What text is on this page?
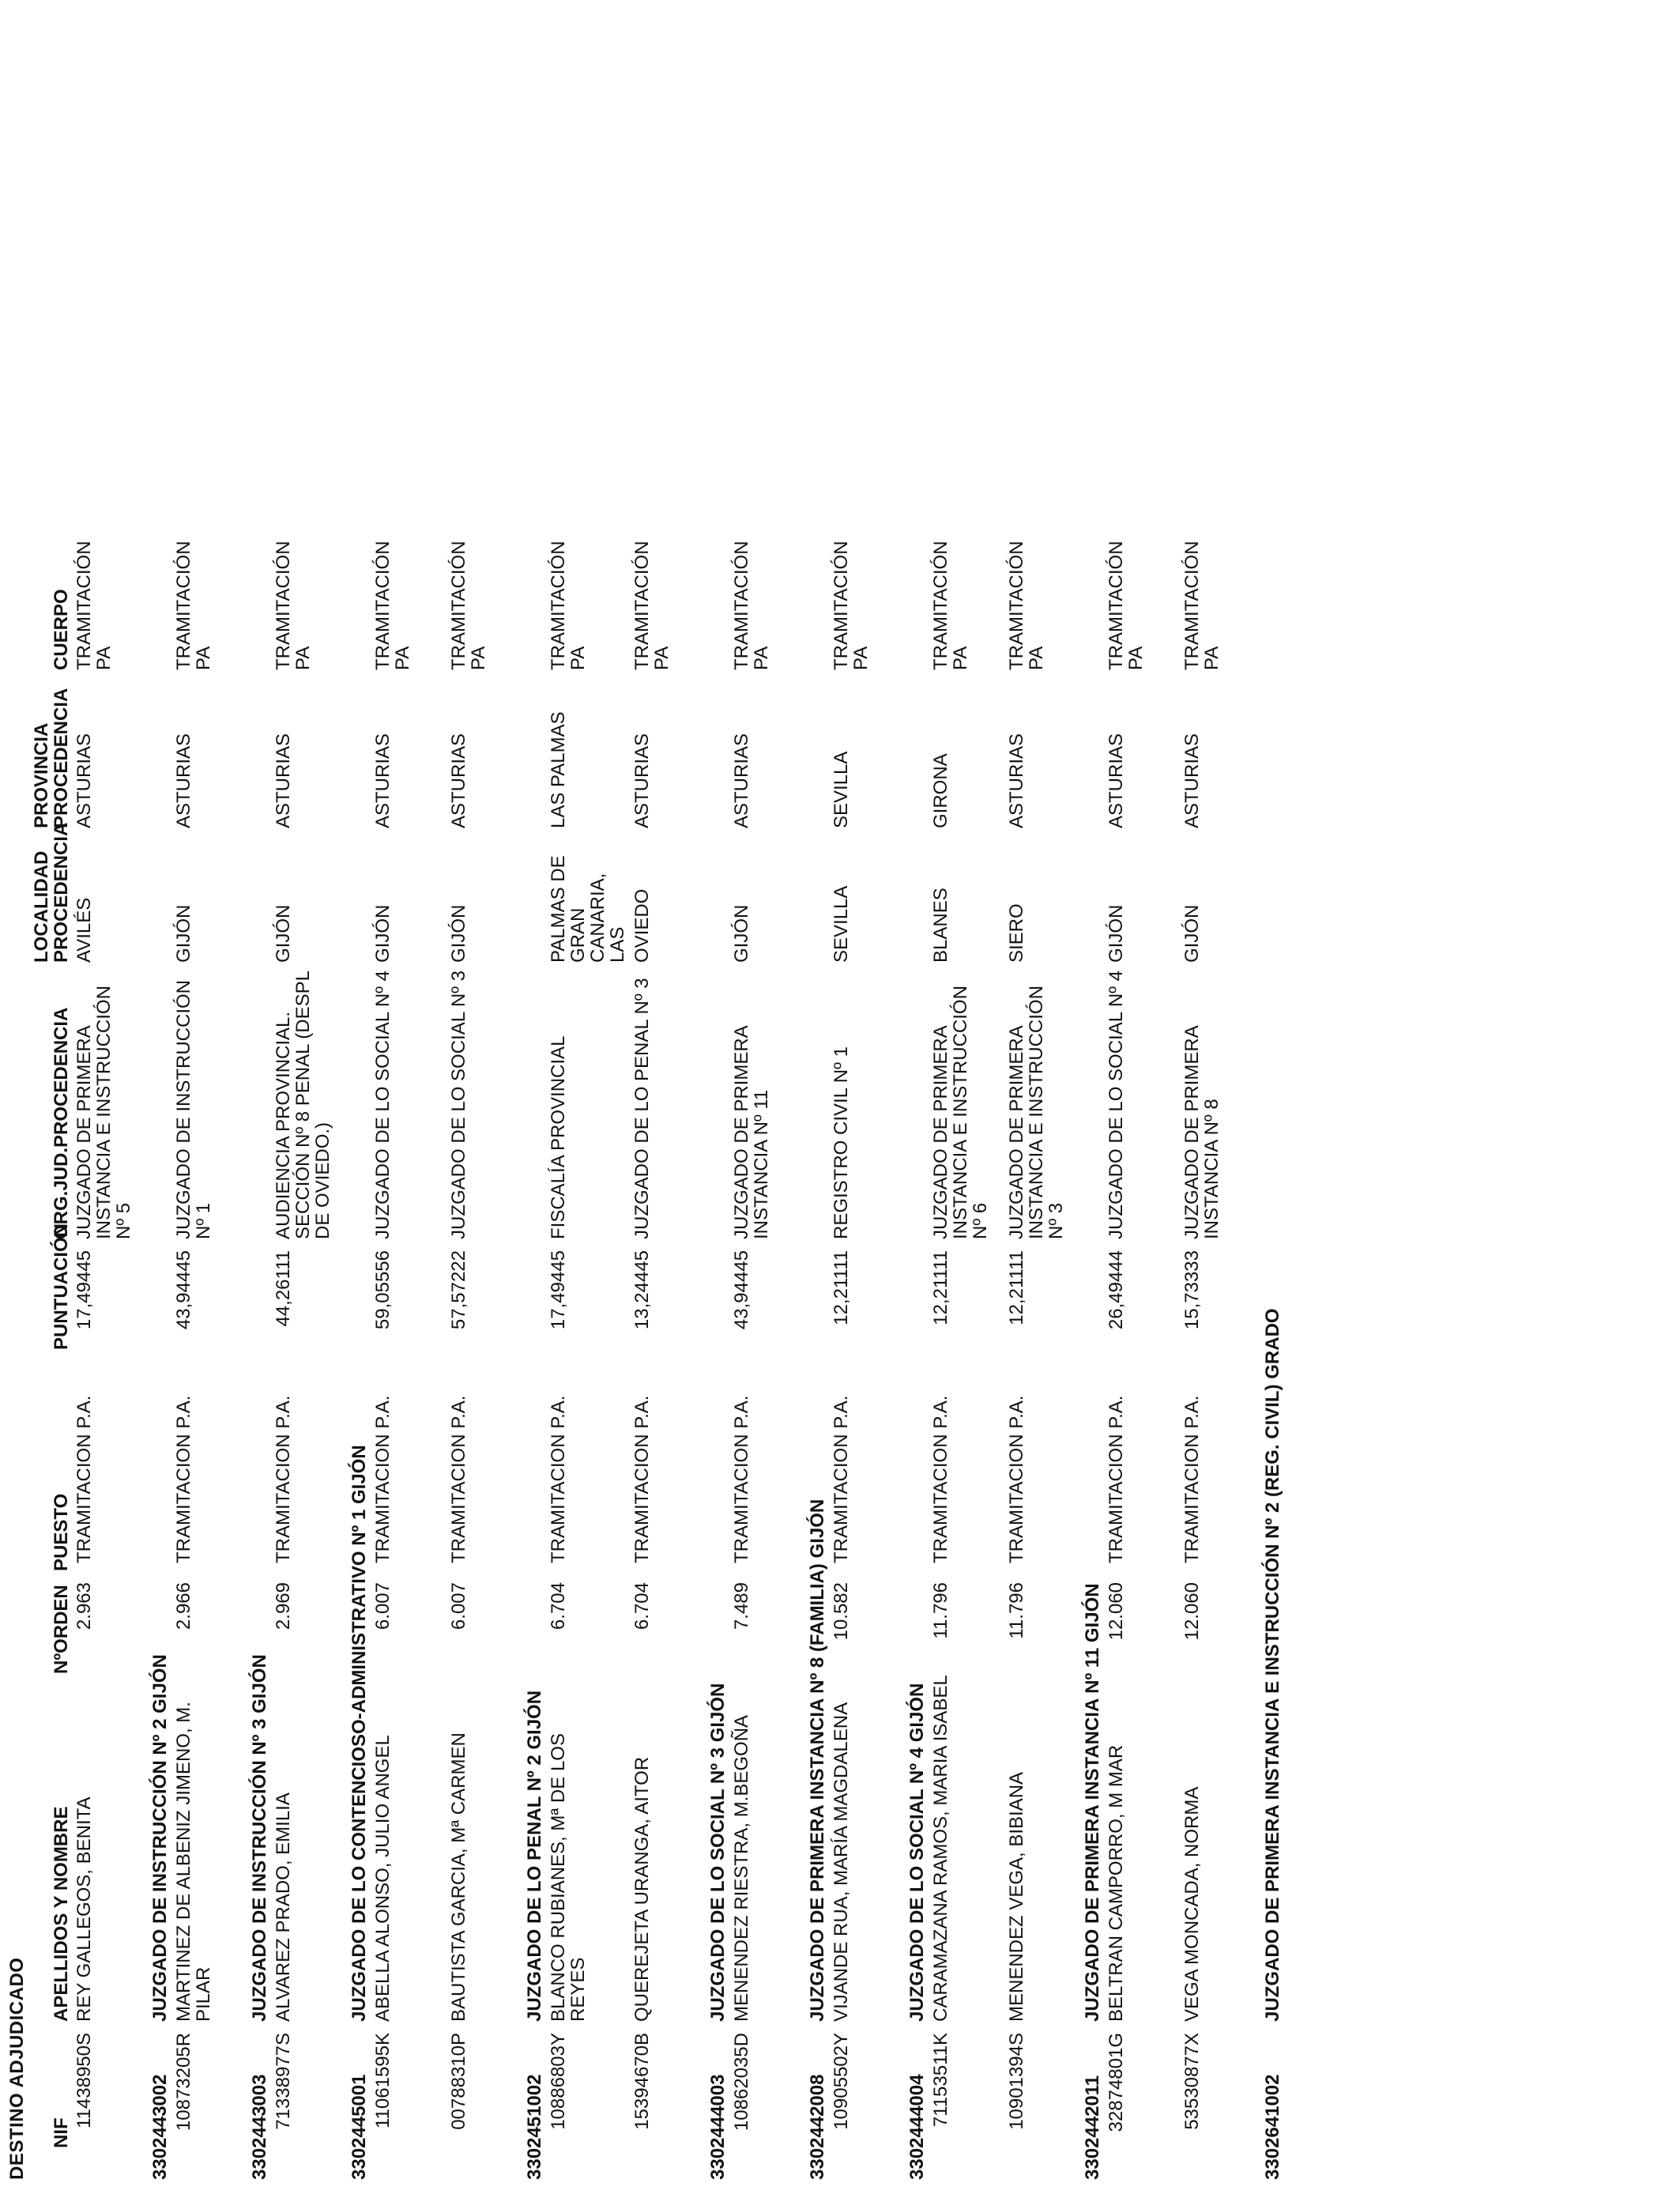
DESTINO ADJUDICADO NIF
APELLIDOS Y NOMBRE
NºORDEN
PUESTO
PUNTUACIÓN
ORG.JUD.PROCEDENCIA
LOCALIDAD PROCEDENCIA
PROVINCIA PROCEDENCIA
CUERPO
11438950S
REY GALLEGOS, BENITA
2.963
TRAMITACION P.A.
17,49445
JUZGADO DE PRIMERA INSTANCIA E INSTRUCCIÓN Nº 5
AVILÉS
ASTURIAS
TRAMITACIÓN PA
3302443002
JUZGADO DE INSTRUCCIÓN Nº 2 GIJÓN
10873205R
MARTINEZ DE ALBENIZ JIMENO, M. PILAR
2.966
TRAMITACION P.A.
43,94445
JUZGADO DE INSTRUCCIÓN Nº 1
GIJÓN
ASTURIAS
TRAMITACIÓN PA
3302443003
JUZGADO DE INSTRUCCIÓN Nº 3 GIJÓN
71338977S
ALVAREZ PRADO, EMILIA
2.969
TRAMITACION P.A.
44,26111
AUDIENCIA PROVINCIAL. SECCIÓN Nº 8 PENAL (DESPL DE OVIEDO.)
GIJÓN
ASTURIAS
TRAMITACIÓN PA
3302445001
JUZGADO DE LO CONTENCIOSO-ADMINISTRATIVO Nº 1 GIJÓN
11061595K
ABELLA ALONSO, JULIO ANGEL
6.007
TRAMITACION P.A.
59,05556
JUZGADO DE LO SOCIAL Nº 4
GIJÓN
ASTURIAS
TRAMITACIÓN PA
00788310P
BAUTISTA GARCIA, Mª CARMEN
6.007
TRAMITACION P.A.
57,57222
JUZGADO DE LO SOCIAL Nº 3
GIJÓN
ASTURIAS
TRAMITACIÓN PA
3302451002
JUZGADO DE LO PENAL Nº 2 GIJÓN
10886803Y
BLANCO RUBIANES, Mª DE LOS REYES
6.704
TRAMITACION P.A.
17,49445
FISCALÍA PROVINCIAL
PALMAS DE GRAN CANARIA, LAS
LAS PALMAS
TRAMITACIÓN PA
15394670B
QUEREJETA URANGA, AITOR
6.704
TRAMITACION P.A.
13,24445
JUZGADO DE LO PENAL Nº 3
OVIEDO
ASTURIAS
TRAMITACIÓN PA
3302444003
JUZGADO DE LO SOCIAL Nº 3 GIJÓN
10862035D
MENENDEZ RIESTRA, M.BEGOÑA
7.489
TRAMITACION P.A.
43,94445
JUZGADO DE PRIMERA INSTANCIA Nº 11
GIJÓN
ASTURIAS
TRAMITACIÓN PA
3302442008
JUZGADO DE PRIMERA INSTANCIA Nº 8 (FAMILIA) GIJÓN
10905502Y
VIJANDE RUA, MARÍA MAGDALENA
10.582
TRAMITACION P.A.
12,21111
REGISTRO CIVIL Nº 1
SEVILLA
SEVILLA
TRAMITACIÓN PA
3302444004
JUZGADO DE LO SOCIAL Nº 4 GIJÓN
71153511K
CARAMAZANA RAMOS, MARIA ISABEL
11.796
TRAMITACION P.A.
12,21111
JUZGADO DE PRIMERA INSTANCIA E INSTRUCCIÓN Nº 6
BLANES
GIRONA
TRAMITACIÓN PA
10901394S
MENENDEZ VEGA, BIBIANA
11.796
TRAMITACION P.A.
12,21111
JUZGADO DE PRIMERA INSTANCIA E INSTRUCCIÓN Nº 3
SIERO
ASTURIAS
TRAMITACIÓN PA
3302442011
JUZGADO DE PRIMERA INSTANCIA Nº 11 GIJÓN
32874801G
BELTRAN CAMPORRO, M MAR
12.060
TRAMITACION P.A.
26,49444
JUZGADO DE LO SOCIAL Nº 4
GIJÓN
ASTURIAS
TRAMITACIÓN PA
53530877X
VEGA MONCADA, NORMA
12.060
TRAMITACION P.A.
15,73333
JUZGADO DE PRIMERA INSTANCIA Nº 8
GIJÓN
ASTURIAS
TRAMITACIÓN PA
3302641002
JUZGADO DE PRIMERA INSTANCIA E INSTRUCCIÓN Nº 2 (REG. CIVIL) GRADO
